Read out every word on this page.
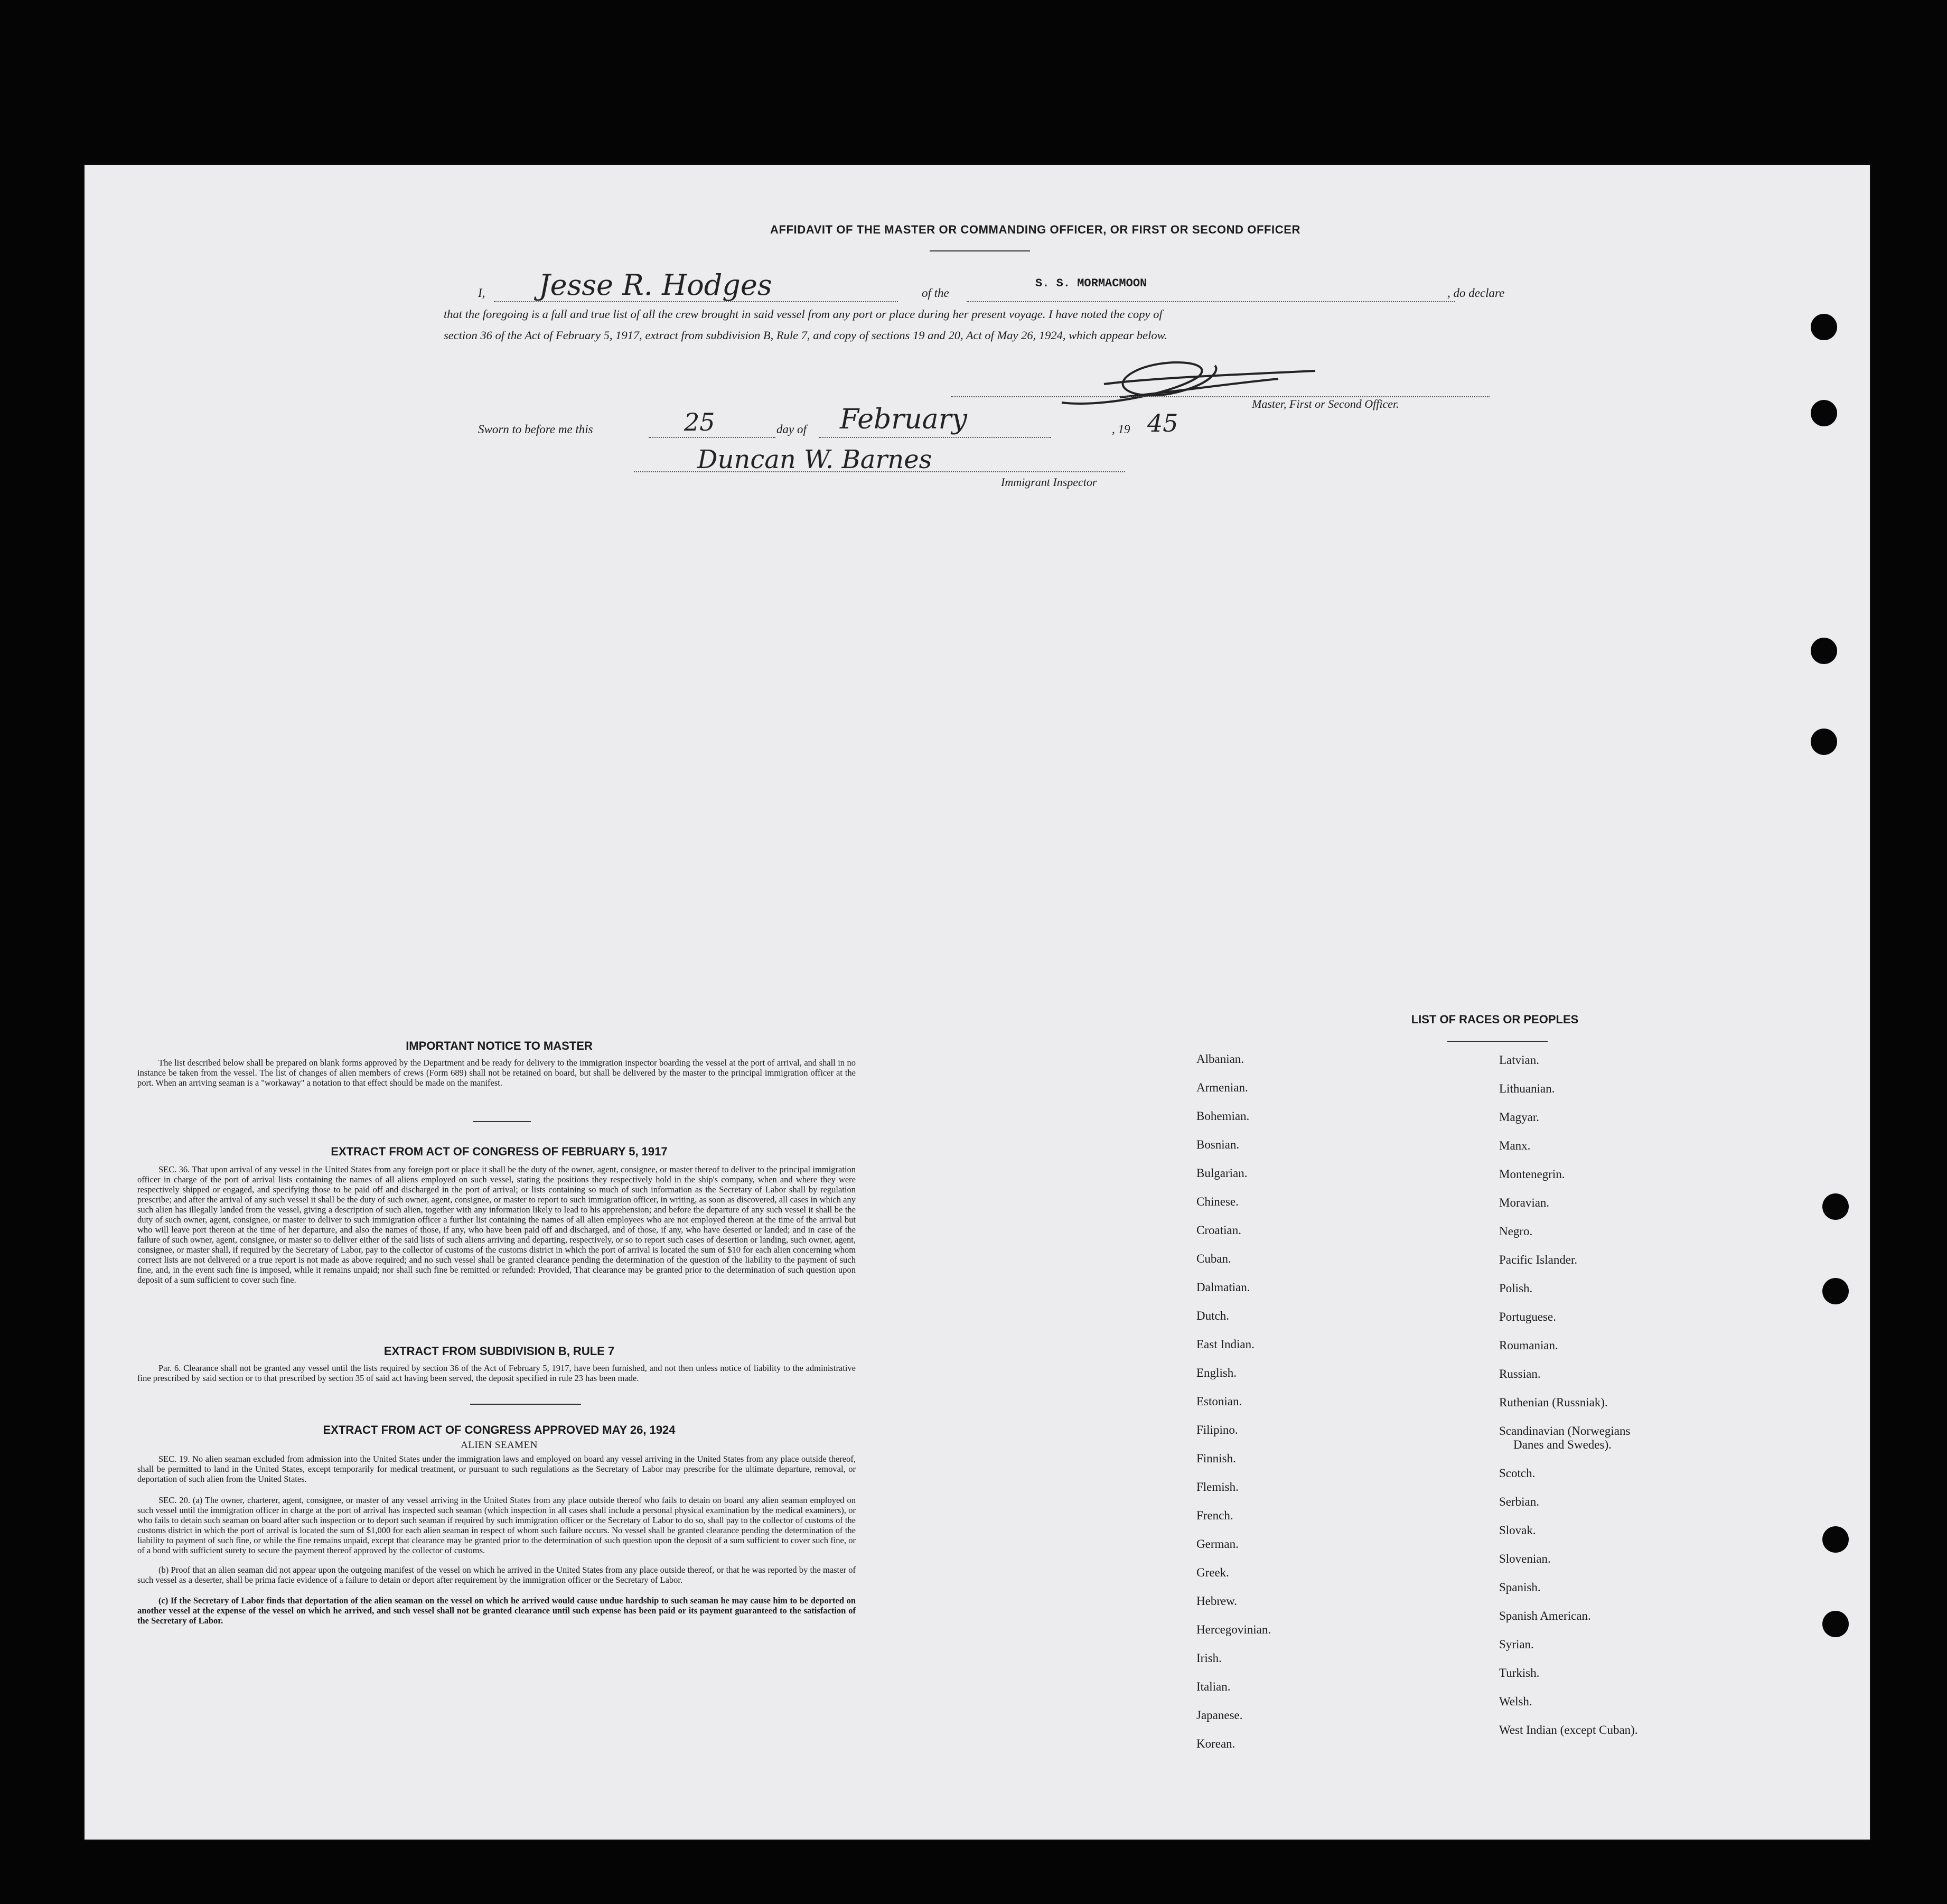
AFFIDAVIT OF THE MASTER OR COMMANDING OFFICER, OR FIRST OR SECOND OFFICER
I, Jesse R. Hodges	of the
S. S. MORMACMOON
, do declare
that the foregoing is a full and true list of all the crew brought in said vessel from any port or place during her present voyage. I have noted the copy of
section 36 of the Act of February 5, 1917, extract from subdivision B, Rule 7, and copy of sections 19 and 20, Act of May 26, 1924, which appear below.
Master, First or Second Officer.
Sworn to before me this	25	day of February	, 19 45
Duncan W. Barnes
Immigrant Inspector
IMPORTANT NOTICE TO MASTER
The list described below shall be prepared on blank forms approved by the Department and be ready for delivery to the immigration inspector boarding the vessel at the port of arrival, and shall in no instance be taken from the vessel. The list of changes of alien members of crews (Form 689) shall not be retained on board, but shall be delivered by the master to the principal immigration officer at the port. When an arriving seaman is a "workaway" a notation to that effect should be made on the manifest.
EXTRACT FROM ACT OF CONGRESS OF FEBRUARY 5, 1917
SEC. 36. That upon arrival of any vessel in the United States from any foreign port or place it shall be the duty of the owner, agent, consignee, or master thereof to deliver to the principal immigration officer in charge of the port of arrival lists containing the names of all aliens employed on such vessel, stating the positions they respectively hold in the ship's company, when and where they were respectively shipped or engaged, and specifying those to be paid off and discharged in the port of arrival; or lists containing so much of such information as the Secretary of Labor shall by regulation prescribe; and after the arrival of any such vessel it shall be the duty of such owner, agent, consignee, or master to report to such immigration officer, in writing, as soon as discovered, all cases in which any such alien has illegally landed from the vessel, giving a description of such alien, together with any information likely to lead to his apprehension; and before the departure of any such vessel it shall be the duty of such owner, agent, consignee, or master to deliver to such immigration officer a further list containing the names of all alien employees who are not employed thereon at the time of the arrival but who will leave port thereon at the time of her departure, and also the names of those, if any, who have been paid off and discharged, and of those, if any, who have deserted or landed; and in case of the failure of such owner, agent, consignee, or master so to deliver either of the said lists of such aliens arriving and departing, respectively, or so to report such cases of desertion or landing, such owner, agent, consignee, or master shall, if required by the Secretary of Labor, pay to the collector of customs of the customs district in which the port of arrival is located the sum of $10 for each alien concerning whom correct lists are not delivered or a true report is not made as above required; and no such vessel shall be granted clearance pending the determination of the question of the liability to the payment of such fine, and, in the event such fine is imposed, while it remains unpaid; nor shall such fine be remitted or refunded: Provided, That clearance may be granted prior to the determination of such question upon deposit of a sum sufficient to cover such fine.
EXTRACT FROM SUBDIVISION B, RULE 7
Par. 6. Clearance shall not be granted any vessel until the lists required by section 36 of the Act of February 5, 1917, have been furnished, and not then unless notice of liability to the administrative fine prescribed by said section or to that prescribed by section 35 of said act having been served, the deposit specified in rule 23 has been made.
EXTRACT FROM ACT OF CONGRESS APPROVED MAY 26, 1924
ALIEN SEAMEN
SEC. 19. No alien seaman excluded from admission into the United States under the immigration laws and employed on board any vessel arriving in the United States from any place outside thereof, shall be permitted to land in the United States, except temporarily for medical treatment, or pursuant to such regulations as the Secretary of Labor may prescribe for the ultimate departure, removal, or deportation of such alien from the United States.
SEC. 20. (a) The owner, charterer, agent, consignee, or master of any vessel arriving in the United States from any place outside thereof who fails to detain on board any alien seaman employed on such vessel until the immigration officer in charge at the port of arrival has inspected such seaman (which inspection in all cases shall include a personal physical examination by the medical examiners), or who fails to detain such seaman on board after such inspection or to deport such seaman if required by such immigration officer or the Secretary of Labor to do so, shall pay to the collector of customs of the customs district in which the port of arrival is located the sum of $1,000 for each alien seaman in respect of whom such failure occurs. No vessel shall be granted clearance pending the determination of the liability to payment of such fine, or while the fine remains unpaid, except that clearance may be granted prior to the determination of such question upon the deposit of a sum sufficient to cover such fine, or of a bond with sufficient surety to secure the payment thereof approved by the collector of customs.
(b) Proof that an alien seaman did not appear upon the outgoing manifest of the vessel on which he arrived in the United States from any place outside thereof, or that he was reported by the master of such vessel as a deserter, shall be prima facie evidence of a failure to detain or deport after requirement by the immigration officer or the Secretary of Labor.
(c) If the Secretary of Labor finds that deportation of the alien seaman on the vessel on which he arrived would cause undue hardship to such seaman he may cause him to be deported on another vessel at the expense of the vessel on which he arrived, and such vessel shall not be granted clearance until such expense has been paid or its payment guaranteed to the satisfaction of the Secretary of Labor.
LIST OF RACES OR PEOPLES
Albanian.
Armenian.
Bohemian.
Bosnian.
Bulgarian.
Chinese.
Croatian.
Cuban.
Dalmatian.
Dutch.
East Indian.
English.
Estonian.
Filipino.
Finnish.
Flemish.
French.
German.
Greek.
Hebrew.
Hercegovinian.
Irish.
Italian.
Japanese.
Korean.
Latvian.
Lithuanian.
Magyar.
Manx.
Montenegrin.
Moravian.
Negro.
Pacific Islander.
Polish.
Portuguese.
Roumanian.
Russian.
Ruthenian (Russniak).
Scandinavian (Norwegians
Danes and Swedes).
Scotch.
Serbian.
Slovak.
Slovenian.
Spanish.
Spanish American.
Syrian.
Turkish.
Welsh.
West Indian (except Cuban).
